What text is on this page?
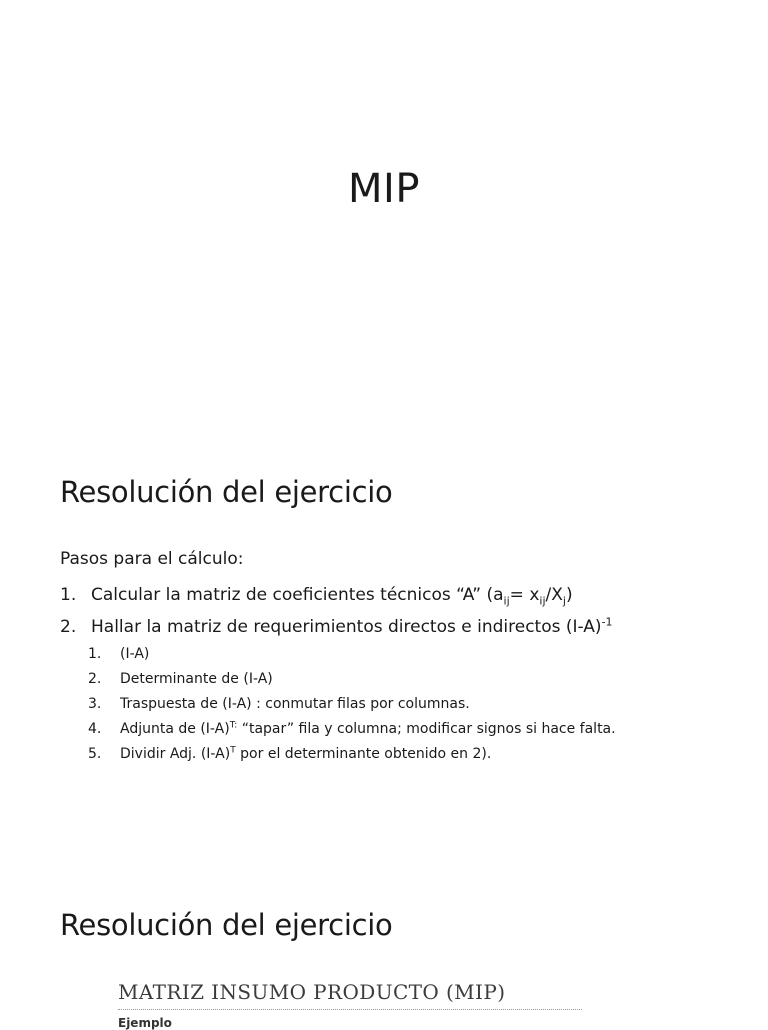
MIP
Resolución del ejercicio

Pasos para el cálculo:

1. Calcular la matriz de coeficientes técnicos “A” $(a_{ij}= x_{ij}/X_j)$
2. Hallar la matriz de requerimientos directos e indirectos $(I-A)^{-1}$
1. (I-A)
2. Determinante de (I-A)
3. Traspuesta de (I-A) : conmutar filas por columnas.
4. Adjunta de $(I-A)^{T:}$ “tapar” fila y columna; modificar signos si hace falta.
5. Dividir Adj. $(I-A)^T$ por el determinante obtenido en 2).
Resolución del ejercicio
MATRIZ INSUMO PRODUCTO (MIP)

Ejemplo
